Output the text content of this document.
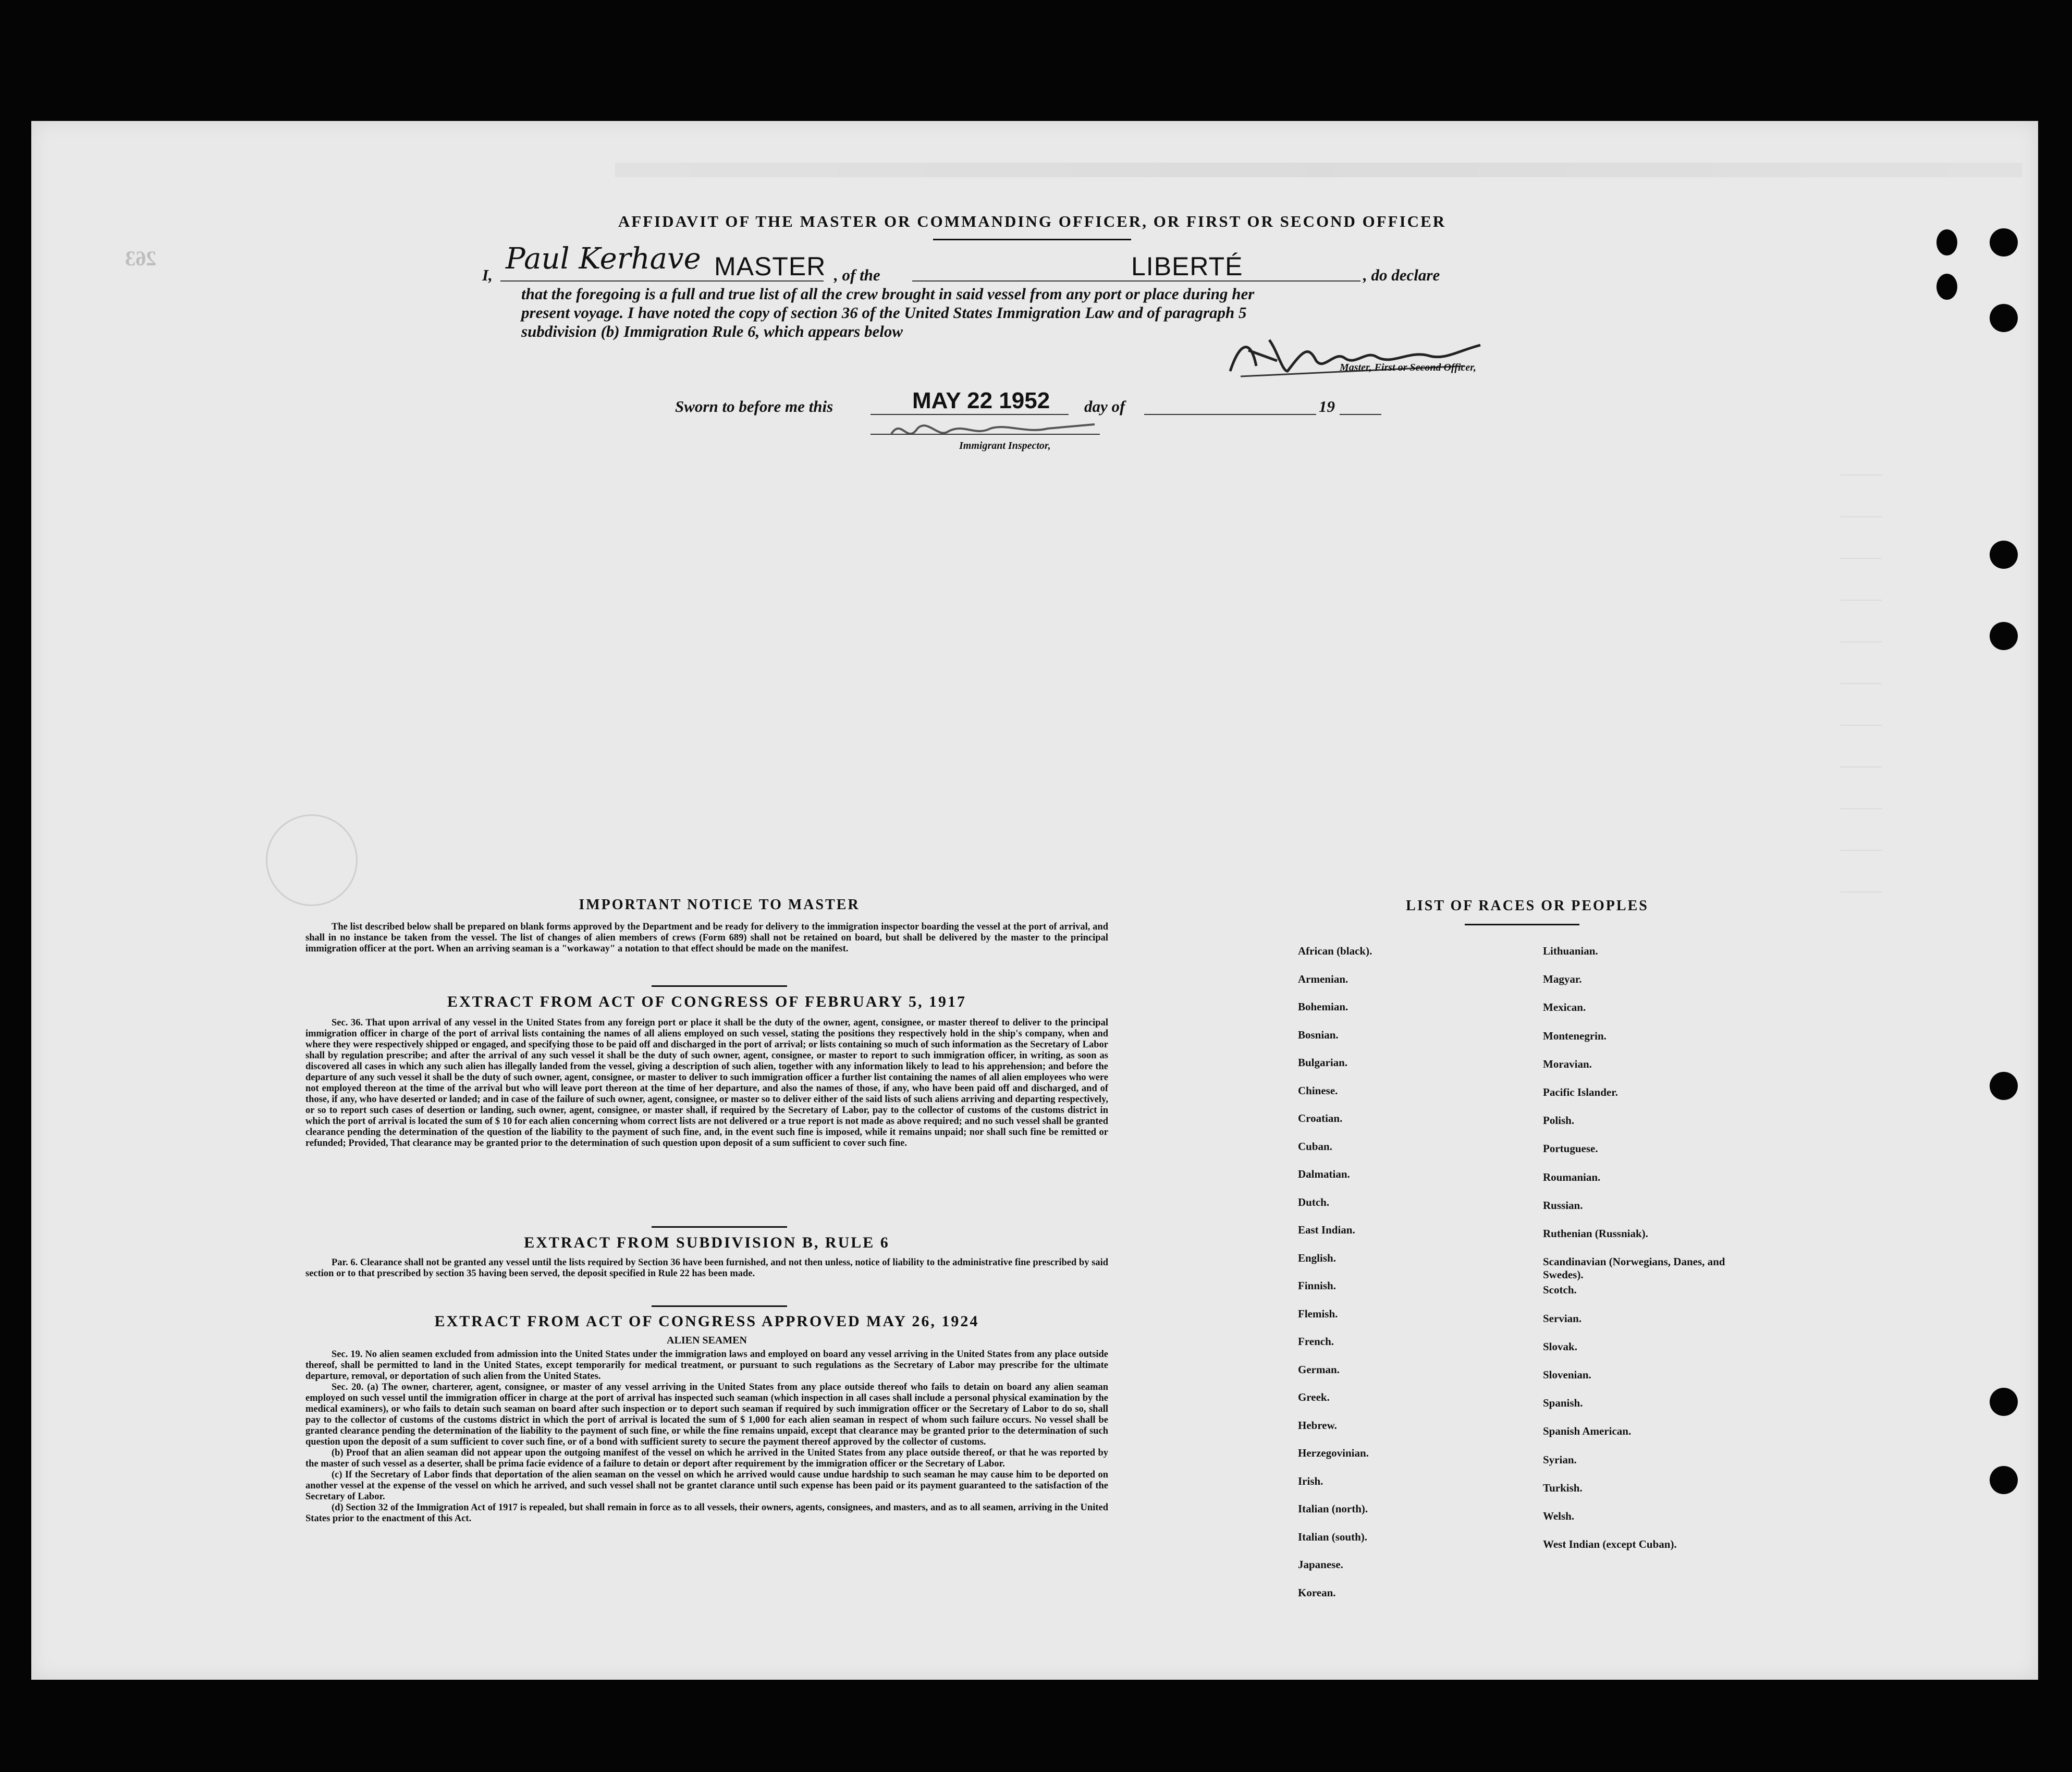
263
AFFIDAVIT OF THE MASTER OR COMMANDING OFFICER, OR FIRST OR SECOND OFFICER
I, Paul Kerhave MASTER , of the	LIBERTÉ	, do declare
that the foregoing is a full and true list of all the crew brought in said vessel from any port or place during her
present voyage. I have noted the copy of section 36 of the United States Immigration Law and of paragraph 5
subdivision (b) Immigration Rule 6, which appears below
Master, First or Second Officer,
Sworn to before me this	MAY 22 1952 day of	19
Immigrant Inspector,
——————
——————
——————
——————
——————
——————
——————
——————
——————
——————
——————
IMPORTANT NOTICE TO MASTER

The list described below shall be prepared on blank forms approved by the Department and be ready for delivery to the immigration inspector boarding the vessel at the port of arrival, and shall in no instance be taken from the vessel. The list of changes of alien members of crews (Form 689) shall not be retained on board, but shall be delivered by the master to the principal immigration officer at the port. When an arriving seaman is a "workaway" a notation to that effect should be made on the manifest.

EXTRACT FROM ACT OF CONGRESS OF FEBRUARY 5, 1917

Sec. 36. That upon arrival of any vessel in the United States from any foreign port or place it shall be the duty of the owner, agent, consignee, or master thereof to deliver to the principal immigration officer in charge of the port of arrival lists containing the names of all aliens employed on such vessel, stating the positions they respectively hold in the ship's company, when and where they were respectively shipped or engaged, and specifying those to be paid off and discharged in the port of arrival; or lists containing so much of such information as the Secretary of Labor shall by regulation prescribe; and after the arrival of any such vessel it shall be the duty of such owner, agent, consignee, or master to report to such immigration officer, in writing, as soon as discovered all cases in which any such alien has illegally landed from the vessel, giving a description of such alien, together with any information likely to lead to his apprehension; and before the departure of any such vessel it shall be the duty of such owner, agent, consignee, or master to deliver to such immigration officer a further list containing the names of all alien employees who were not employed thereon at the time of the arrival but who will leave port thereon at the time of her departure, and also the names of those, if any, who have been paid off and discharged, and of those, if any, who have deserted or landed; and in case of the failure of such owner, agent, consignee, or master so to deliver either of the said lists of such aliens arriving and departing respectively, or so to report such cases of desertion or landing, such owner, agent, consignee, or master shall, if required by the Secretary of Labor, pay to the collector of customs of the customs district in which the port of arrival is located the sum of $ 10 for each alien concerning whom correct lists are not delivered or a true report is not made as above required; and no such vessel shall be granted clearance pending the determination of the question of the liability to the payment of such fine, and, in the event such fine is imposed, while it remains unpaid; nor shall such fine be remitted or refunded; Provided, That clearance may be granted prior to the determination of such question upon deposit of a sum sufficient to cover such fine.

EXTRACT FROM SUBDIVISION B, RULE 6

Par. 6. Clearance shall not be granted any vessel until the lists required by Section 36 have been furnished, and not then unless, notice of liability to the administrative fine prescribed by said section or to that prescribed by section 35 having been served, the deposit specified in Rule 22 has been made.

EXTRACT FROM ACT OF CONGRESS APPROVED MAY 26, 1924
ALIEN SEAMEN

Sec. 19. No alien seamen excluded from admission into the United States under the immigration laws and employed on board any vessel arriving in the United States from any place outside thereof, shall be permitted to land in the United States, except temporarily for medical treatment, or pursuant to such regulations as the Secretary of Labor may prescribe for the ultimate departure, removal, or deportation of such alien from the United States.

Sec. 20. (a) The owner, charterer, agent, consignee, or master of any vessel arriving in the United States from any place outside thereof who fails to detain on board any alien seaman employed on such vessel until the immigration officer in charge at the port of arrival has inspected such seaman (which inspection in all cases shall include a personal physical examination by the medical examiners), or who fails to detain such seaman on board after such inspection or to deport such seaman if required by such immigration officer or the Secretary of Labor to do so, shall pay to the collector of customs of the customs district in which the port of arrival is located the sum of $ 1,000 for each alien seaman in respect of whom such failure occurs. No vessel shall be granted clearance pending the determination of the liability to the payment of such fine, or while the fine remains unpaid, except that clearance may be granted prior to the determination of such question upon the deposit of a sum sufficient to cover such fine, or of a bond with sufficient surety to secure the payment thereof approved by the collector of customs.

(b) Proof that an alien seaman did not appear upon the outgoing manifest of the vessel on which he arrived in the United States from any place outside thereof, or that he was reported by the master of such vessel as a deserter, shall be prima facie evidence of a failure to detain or deport after requirement by the immigration officer or the Secretary of Labor.

(c) If the Secretary of Labor finds that deportation of the alien seaman on the vessel on which he arrived would cause undue hardship to such seaman he may cause him to be deported on another vessel at the expense of the vessel on which he arrived, and such vessel shall not be grantet clarance until such expense has been paid or its payment guaranteed to the satisfaction of the Secretary of Labor.

(d) Section 32 of the Immigration Act of 1917 is repealed, but shall remain in force as to all vessels, their owners, agents, consignees, and masters, and as to all seamen, arriving in the United States prior to the enactment of this Act.

LIST OF RACES OR PEOPLES
African (black).
Armenian.
Bohemian.
Bosnian.
Bulgarian.
Chinese.
Croatian.
Cuban.
Dalmatian.
Dutch.
East Indian.
English.
Finnish.
Flemish.
French.
German.
Greek.
Hebrew.
Herzegovinian.
Irish.
Italian (north).
Italian (south).
Japanese.
Korean.
Lithuanian.
Magyar.
Mexican.
Montenegrin.
Moravian.
Pacific Islander.
Polish.
Portuguese.
Roumanian.
Russian.
Ruthenian (Russniak).
Scandinavian (Norwegians, Danes, and Swedes).
Scotch.
Servian.
Slovak.
Slovenian.
Spanish.
Spanish American.
Syrian.
Turkish.
Welsh.
West Indian (except Cuban).
